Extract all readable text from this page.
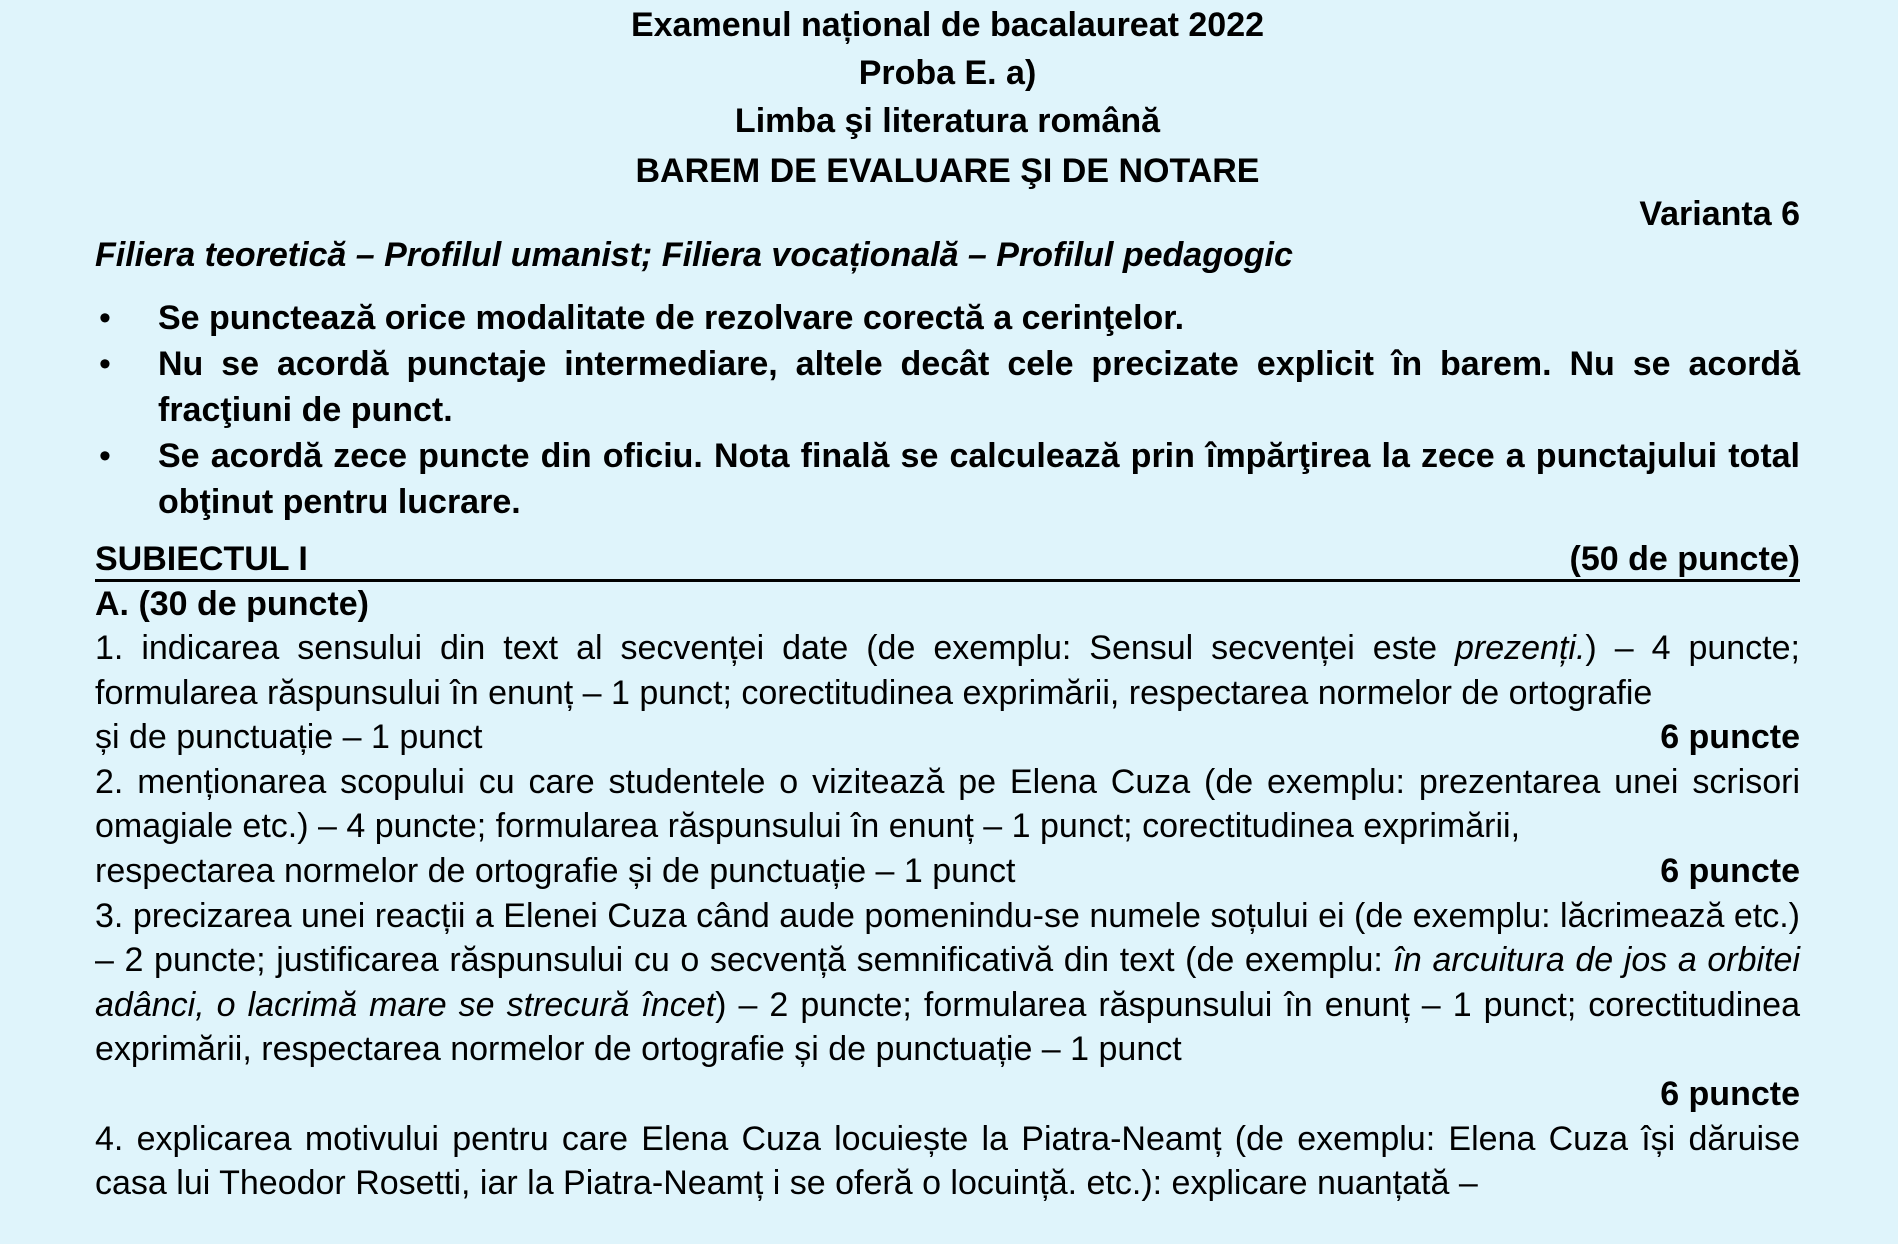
Examenul național de bacalaureat 2022
Proba E. a)
Limba şi literatura română
BAREM DE EVALUARE ŞI DE NOTARE
Varianta 6
Filiera teoretică – Profilul umanist; Filiera vocațională – Profilul pedagogic
• Se punctează orice modalitate de rezolvare corectă a cerinţelor.
• Nu se acordă punctaje intermediare, altele decât cele precizate explicit în barem. Nu se acordă fracţiuni de punct.
• Se acordă zece puncte din oficiu. Nota finală se calculează prin împărţirea la zece a punctajului total obţinut pentru lucrare.
SUBIECTUL I	(50 de puncte)
A. (30 de puncte)
1. indicarea sensului din text al secvenței date (de exemplu: Sensul secvenței este prezenți.) – 4 puncte; formularea răspunsului în enunț – 1 punct; corectitudinea exprimării, respectarea normelor de ortografie
și de punctuație – 1 punct	6 puncte
2. menționarea scopului cu care studentele o vizitează pe Elena Cuza (de exemplu: prezentarea unei scrisori omagiale etc.) – 4 puncte; formularea răspunsului în enunț – 1 punct; corectitudinea exprimării,
respectarea normelor de ortografie și de punctuație – 1 punct	6 puncte
3. precizarea unei reacții a Elenei Cuza când aude pomenindu-se numele soțului ei (de exemplu: lăcrimează etc.) – 2 puncte; justificarea răspunsului cu o secvență semnificativă din text (de exemplu: în arcuitura de jos a orbitei adânci, o lacrimă mare se strecură încet) – 2 puncte; formularea răspunsului în enunț – 1 punct; corectitudinea exprimării, respectarea normelor de ortografie și de punctuație – 1 punct
6 puncte
4. explicarea motivului pentru care Elena Cuza locuiește la Piatra-Neamț (de exemplu: Elena Cuza își dăruise casa lui Theodor Rosetti, iar la Piatra-Neamț i se oferă o locuință. etc.): explicare nuanțată –
